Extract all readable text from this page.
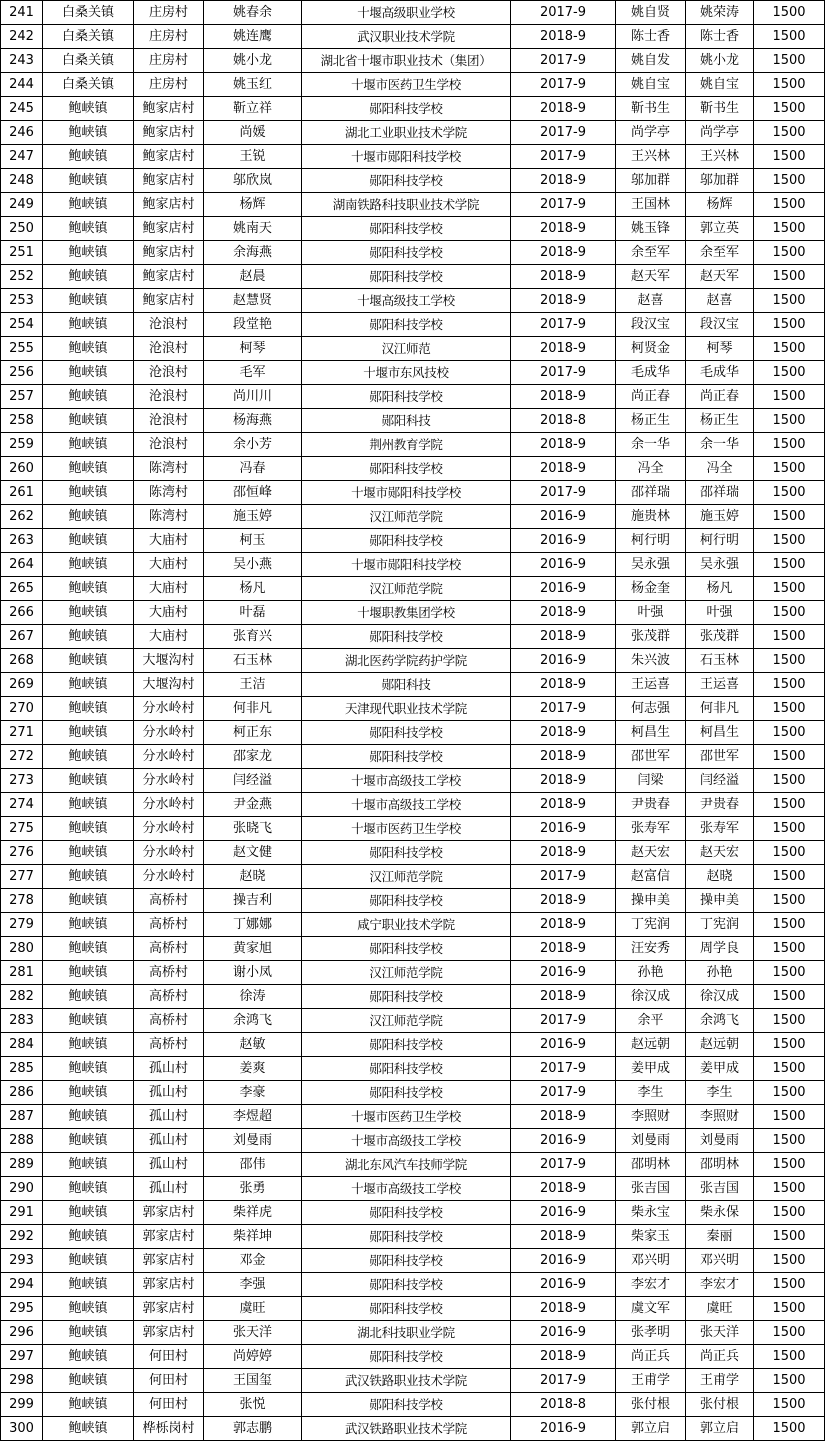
241	白桑关镇	庄房村	姚春余	十堰高级职业学校	2017-9	姚自贤	姚荣涛	1500
242	白桑关镇	庄房村	姚连鹰	武汉职业技术学院	2018-9	陈士香	陈士香	1500
243	白桑关镇	庄房村	姚小龙	湖北省十堰市职业技术（集团）	2017-9	姚自发	姚小龙	1500
244	白桑关镇	庄房村	姚玉红	十堰市医药卫生学校	2017-9	姚自宝	姚自宝	1500
245	鲍峡镇	鲍家店村	靳立祥	郧阳科技学校	2018-9	靳书生	靳书生	1500
246	鲍峡镇	鲍家店村	尚媛	湖北工业职业技术学院	2017-9	尚学亭	尚学亭	1500
247	鲍峡镇	鲍家店村	王锐	十堰市郧阳科技学校	2017-9	王兴林	王兴林	1500
248	鲍峡镇	鲍家店村	邬欣岚	郧阳科技学校	2018-9	邬加群	邬加群	1500
249	鲍峡镇	鲍家店村	杨辉	湖南铁路科技职业技术学院	2017-9	王国林	杨辉	1500
250	鲍峡镇	鲍家店村	姚南天	郧阳科技学校	2018-9	姚玉锋	郭立英	1500
251	鲍峡镇	鲍家店村	余海燕	郧阳科技学校	2018-9	余至军	余至军	1500
252	鲍峡镇	鲍家店村	赵晨	郧阳科技学校	2018-9	赵天军	赵天军	1500
253	鲍峡镇	鲍家店村	赵慧贤	十堰高级技工学校	2018-9	赵喜	赵喜	1500
254	鲍峡镇	沧浪村	段堂艳	郧阳科技学校	2017-9	段汉宝	段汉宝	1500
255	鲍峡镇	沧浪村	柯琴	汉江师范	2018-9	柯贤金	柯琴	1500
256	鲍峡镇	沧浪村	毛军	十堰市东风技校	2017-9	毛成华	毛成华	1500
257	鲍峡镇	沧浪村	尚川川	郧阳科技学校	2018-9	尚正春	尚正春	1500
258	鲍峡镇	沧浪村	杨海燕	郧阳科技	2018-8	杨正生	杨正生	1500
259	鲍峡镇	沧浪村	余小芳	荆州教育学院	2018-9	余一华	余一华	1500
260	鲍峡镇	陈湾村	冯春	郧阳科技学校	2018-9	冯全	冯全	1500
261	鲍峡镇	陈湾村	邵恒峰	十堰市郧阳科技学校	2017-9	邵祥瑞	邵祥瑞	1500
262	鲍峡镇	陈湾村	施玉婷	汉江师范学院	2016-9	施贵林	施玉婷	1500
263	鲍峡镇	大庙村	柯玉	郧阳科技学校	2016-9	柯行明	柯行明	1500
264	鲍峡镇	大庙村	吴小燕	十堰市郧阳科技学校	2016-9	吴永强	吴永强	1500
265	鲍峡镇	大庙村	杨凡	汉江师范学院	2016-9	杨金奎	杨凡	1500
266	鲍峡镇	大庙村	叶磊	十堰职教集团学校	2018-9	叶强	叶强	1500
267	鲍峡镇	大庙村	张育兴	郧阳科技学校	2018-9	张茂群	张茂群	1500
268	鲍峡镇	大堰沟村	石玉林	湖北医药学院药护学院	2016-9	朱兴波	石玉林	1500
269	鲍峡镇	大堰沟村	王洁	郧阳科技	2018-9	王运喜	王运喜	1500
270	鲍峡镇	分水岭村	何非凡	天津现代职业技术学院	2017-9	何志强	何非凡	1500
271	鲍峡镇	分水岭村	柯正东	郧阳科技学校	2018-9	柯昌生	柯昌生	1500
272	鲍峡镇	分水岭村	邵家龙	郧阳科技学校	2018-9	邵世军	邵世军	1500
273	鲍峡镇	分水岭村	闫经溢	十堰市高级技工学校	2018-9	闫梁	闫经溢	1500
274	鲍峡镇	分水岭村	尹金燕	十堰市高级技工学校	2018-9	尹贵春	尹贵春	1500
275	鲍峡镇	分水岭村	张晓飞	十堰市医药卫生学校	2016-9	张寿军	张寿军	1500
276	鲍峡镇	分水岭村	赵文健	郧阳科技学校	2018-9	赵天宏	赵天宏	1500
277	鲍峡镇	分水岭村	赵晓	汉江师范学院	2017-9	赵富信	赵晓	1500
278	鲍峡镇	高桥村	操吉利	郧阳科技学校	2018-9	操申美	操申美	1500
279	鲍峡镇	高桥村	丁娜娜	咸宁职业技术学院	2018-9	丁宪润	丁宪润	1500
280	鲍峡镇	高桥村	黄家旭	郧阳科技学校	2018-9	汪安秀	周学良	1500
281	鲍峡镇	高桥村	谢小凤	汉江师范学院	2016-9	孙艳	孙艳	1500
282	鲍峡镇	高桥村	徐涛	郧阳科技学校	2018-9	徐汉成	徐汉成	1500
283	鲍峡镇	高桥村	余鸿飞	汉江师范学院	2017-9	余平	余鸿飞	1500
284	鲍峡镇	高桥村	赵敏	郧阳科技学校	2016-9	赵远朝	赵远朝	1500
285	鲍峡镇	孤山村	姜爽	郧阳科技学校	2017-9	姜甲成	姜甲成	1500
286	鲍峡镇	孤山村	李豪	郧阳科技学校	2017-9	李生	李生	1500
287	鲍峡镇	孤山村	李煜超	十堰市医药卫生学校	2018-9	李照财	李照财	1500
288	鲍峡镇	孤山村	刘曼雨	十堰市高级技工学校	2016-9	刘曼雨	刘曼雨	1500
289	鲍峡镇	孤山村	邵伟	湖北东风汽车技师学院	2017-9	邵明林	邵明林	1500
290	鲍峡镇	孤山村	张勇	十堰市高级技工学校	2018-9	张吉国	张吉国	1500
291	鲍峡镇	郭家店村	柴祥虎	郧阳科技学校	2016-9	柴永宝	柴永保	1500
292	鲍峡镇	郭家店村	柴祥坤	郧阳科技学校	2018-9	柴家玉	秦丽	1500
293	鲍峡镇	郭家店村	邓金	郧阳科技学校	2016-9	邓兴明	邓兴明	1500
294	鲍峡镇	郭家店村	李强	郧阳科技学校	2016-9	李宏才	李宏才	1500
295	鲍峡镇	郭家店村	虞旺	郧阳科技学校	2018-9	虞文军	虞旺	1500
296	鲍峡镇	郭家店村	张天洋	湖北科技职业学院	2016-9	张孝明	张天洋	1500
297	鲍峡镇	何田村	尚婷婷	郧阳科技学校	2018-9	尚正兵	尚正兵	1500
298	鲍峡镇	何田村	王国玺	武汉铁路职业技术学院	2017-9	王甫学	王甫学	1500
299	鲍峡镇	何田村	张悦	郧阳科技学校	2018-8	张付根	张付根	1500
300	鲍峡镇	桦栎岗村	郭志鹏	武汉铁路职业技术学院	2016-9	郭立启	郭立启	1500
